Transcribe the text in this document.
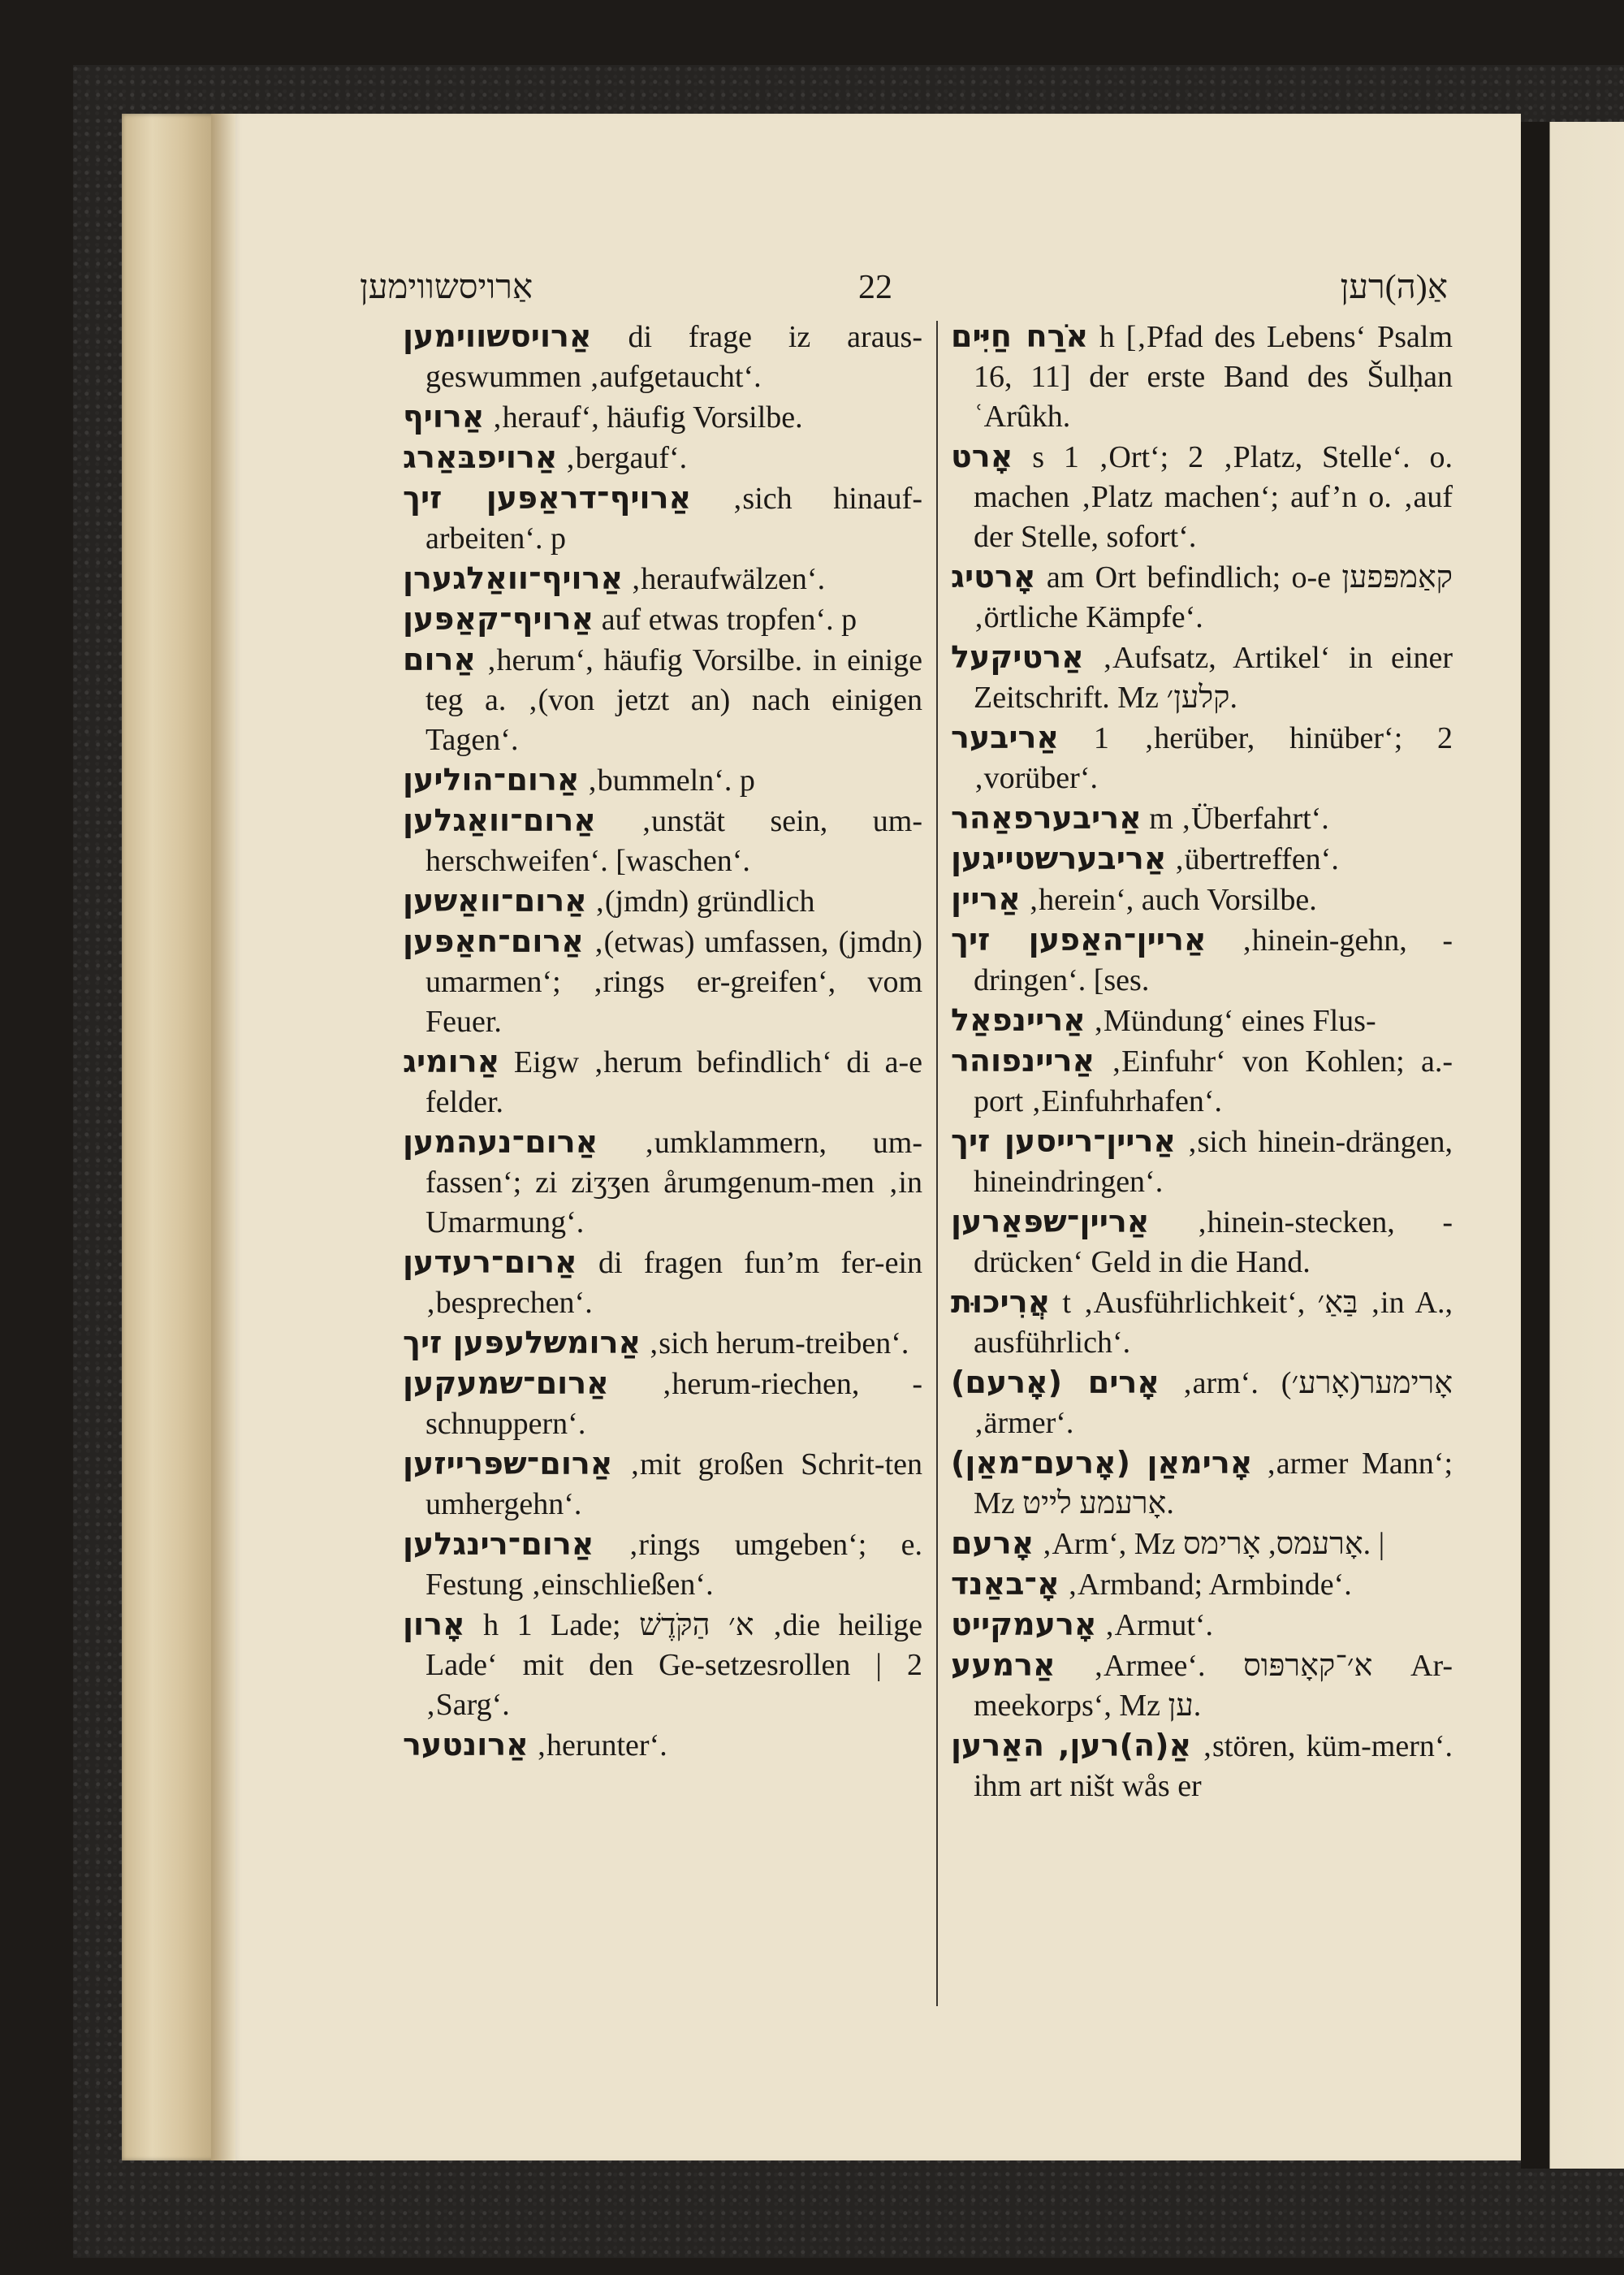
אַרויסשווימען	22	אַ(ה)רען

אַרויסשווימען di frage iz araus-geswummen ‚aufgetaucht‘.

אַרויף ‚herauf‘, häufig Vorsilbe.

אַרויפבּאַרג ‚bergauf‘.

אַרויף־דראַפּען זיך ‚sich hinauf-arbeiten‘. p

אַרויף־וואַלגערן ‚heraufwälzen‘.

אַרויף־קאַפּען auf etwas tropfen‘. p

אַרום ‚herum‘, häufig Vorsilbe. in einige teg a. ‚(von jetzt an) nach einigen Tagen‘.

אַרום־הוליען ‚bummeln‘. p

אַרום־וואַגלען ‚unstät sein, um-herschweifen‘. [waschen‘.

אַרום־וואַשען ‚(jmdn) gründlich

אַרום־חאַפּען ‚(etwas) umfassen, (jmdn) umarmen‘; ‚rings er-greifen‘, vom Feuer.

אַרומיג Eigw ‚herum befindlich‘ di a-e felder.

אַרום־נעהמען ‚umklammern, um-fassen‘; zi ziʒʒen årumgenum-men ‚in Umarmung‘.

אַרום־רעדען di fragen fun’m fer-ein ‚besprechen‘.

אַרומשלעפּען זיך ‚sich herum-treiben‘.

אַרום־שמעקען ‚herum-riechen, -schnuppern‘.

אַרום־שפּרייזען ‚mit großen Schrit-ten umhergehn‘.

אַרום־רינגלען ‚rings umgeben‘; e. Festung ‚einschließen‘.

אָרון h 1 Lade; א׳ הַקֹּדֶשׁ ‚die heilige Lade‘ mit den Ge-setzesrollen | 2 ‚Sarg‘.

אַרונטער ‚herunter‘.

אֹרַח חַיִּים h [‚Pfad des Lebens‘ Psalm 16, 11] der erste Band des Šulḥan ʿArûkh.

אָרט s 1 ‚Ort‘; 2 ‚Platz, Stelle‘. o. machen ‚Platz machen‘; auf’n o. ‚auf der Stelle, sofort‘.

אָרטיג am Ort befindlich; o-e קאַמפּפען ‚örtliche Kämpfe‘.

אַרטיקעל ‚Aufsatz, Artikel‘ in einer Zeitschrift. Mz קלען׳.

אַריבער 1 ‚herüber, hinüber‘; 2 ‚vorüber‘.

אַריבערפאַהר m ‚Überfahrt‘.

אַריבערשטייגען ‚übertreffen‘.

אַריין ‚herein‘, auch Vorsilbe.

אַריין־האַפען זיך ‚hinein-gehn, -dringen‘. [ses.

אַריינפאַל ‚Mündung‘ eines Flus-

אַריינפוהר ‚Einfuhr‘ von Kohlen; a.-port ‚Einfuhrhafen‘.

אַריין־רייסען זיך ‚sich hinein-drängen, hineindringen‘.

אַריין־שפּאַרען ‚hinein-stecken, -drücken‘ Geld in die Hand.

אֲרִיכוּת t ‚Ausführlichkeit‘, בַּאַ׳ ‚in A., ausführlich‘.

אָרים (אָרעם) ‚arm‘. (אָרע׳)אָרימער ‚ärmer‘.

אָרימאַן (אָרעם־מאַן) ‚armer Mann‘; Mz אָרעמע לייט.

אָרעם ‚Arm‘, Mz אָרעמס, אָרימס. |

אָ־באַנד ‚Armband; Armbinde‘.

אָרעמקייט ‚Armut‘.

אַרמעע ‚Armee‘. א׳־קאָרפּוס Ar-meekorps‘, Mz ען.

אַ(ה)רען, האַרען ‚stören, küm-mern‘. ihm art ništ wås er
